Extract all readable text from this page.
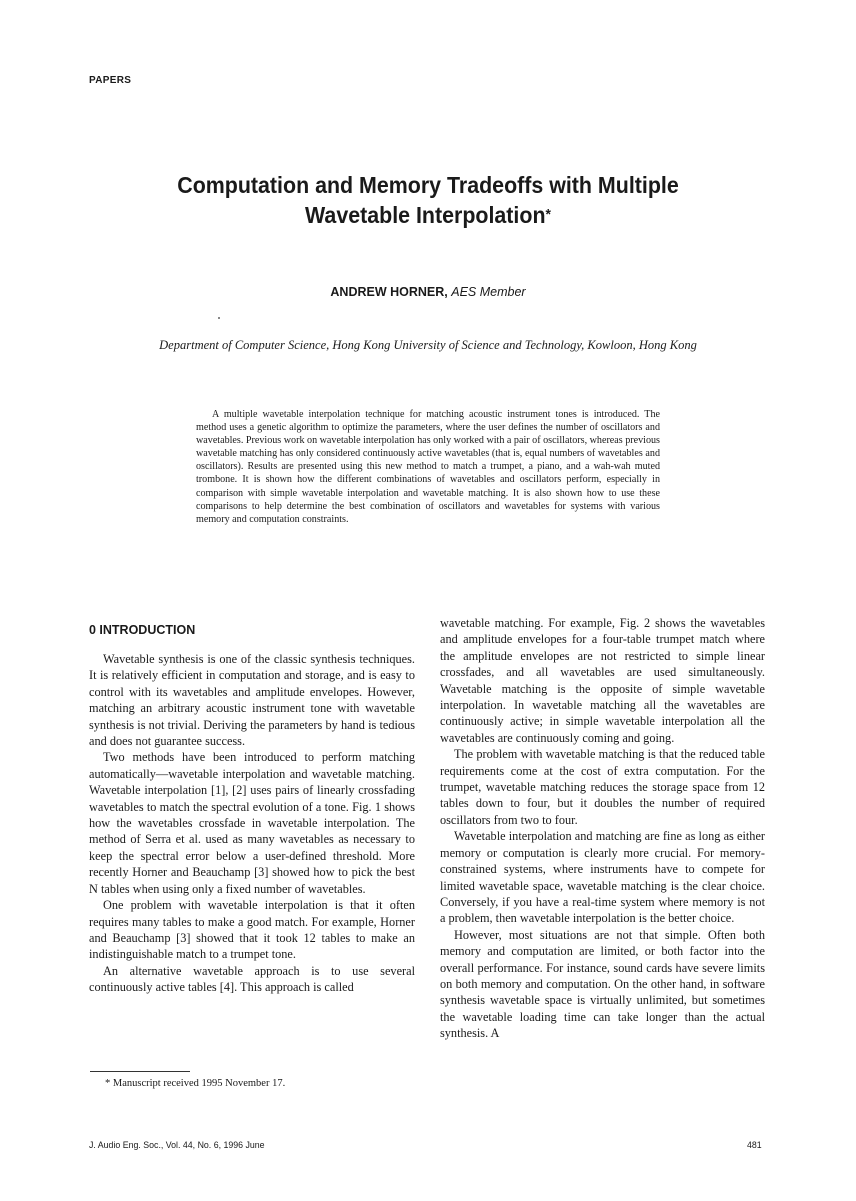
PAPERS
Computation and Memory Tradeoffs with Multiple
Wavetable Interpolation*
ANDREW HORNER, AES Member
Department of Computer Science, Hong Kong University of Science and Technology, Kowloon, Hong Kong
A multiple wavetable interpolation technique for matching acoustic instrument tones is introduced. The method uses a genetic algorithm to optimize the parameters, where the user defines the number of oscillators and wavetables. Previous work on wavetable interpolation has only worked with a pair of oscillators, whereas previous wavetable matching has only considered continuously active wavetables (that is, equal numbers of wavetables and oscillators). Results are presented using this new method to match a trumpet, a piano, and a wah-wah muted trombone. It is shown how the different combinations of wavetables and oscillators perform, especially in comparison with simple wavetable interpolation and wavetable matching. It is also shown how to use these comparisons to help determine the best combination of oscillators and wavetables for systems with various memory and computation constraints.
0 INTRODUCTION

Wavetable synthesis is one of the classic synthesis techniques. It is relatively efficient in computation and storage, and is easy to control with its wavetables and amplitude envelopes. However, matching an arbitrary acoustic instrument tone with wavetable synthesis is not trivial. Deriving the parameters by hand is tedious and does not guarantee success.

Two methods have been introduced to perform matching automatically—wavetable interpolation and wavetable matching. Wavetable interpolation [1], [2] uses pairs of linearly crossfading wavetables to match the spectral evolution of a tone. Fig. 1 shows how the wavetables crossfade in wavetable interpolation. The method of Serra et al. used as many wavetables as necessary to keep the spectral error below a user-defined threshold. More recently Horner and Beauchamp [3] showed how to pick the best N tables when using only a fixed number of wavetables.

One problem with wavetable interpolation is that it often requires many tables to make a good match. For example, Horner and Beauchamp [3] showed that it took 12 tables to make an indistinguishable match to a trumpet tone.

An alternative wavetable approach is to use several continuously active tables [4]. This approach is called

wavetable matching. For example, Fig. 2 shows the wavetables and amplitude envelopes for a four-table trumpet match where the amplitude envelopes are not restricted to simple linear crossfades, and all wavetables are used simultaneously. Wavetable matching is the opposite of simple wavetable interpolation. In wavetable matching all the wavetables are continuously active; in simple wavetable interpolation all the wavetables are continuously coming and going.

The problem with wavetable matching is that the reduced table requirements come at the cost of extra computation. For the trumpet, wavetable matching reduces the storage space from 12 tables down to four, but it doubles the number of required oscillators from two to four.

Wavetable interpolation and matching are fine as long as either memory or computation is clearly more crucial. For memory-constrained systems, where instruments have to compete for limited wavetable space, wavetable matching is the clear choice. Conversely, if you have a real-time system where memory is not a problem, then wavetable interpolation is the better choice.

However, most situations are not that simple. Often both memory and computation are limited, or both factor into the overall performance. For instance, sound cards have severe limits on both memory and computation. On the other hand, in software synthesis wavetable space is virtually unlimited, but sometimes the wavetable loading time can take longer than the actual synthesis. A

* Manuscript received 1995 November 17.
J. Audio Eng. Soc., Vol. 44, No. 6, 1996 June	481
